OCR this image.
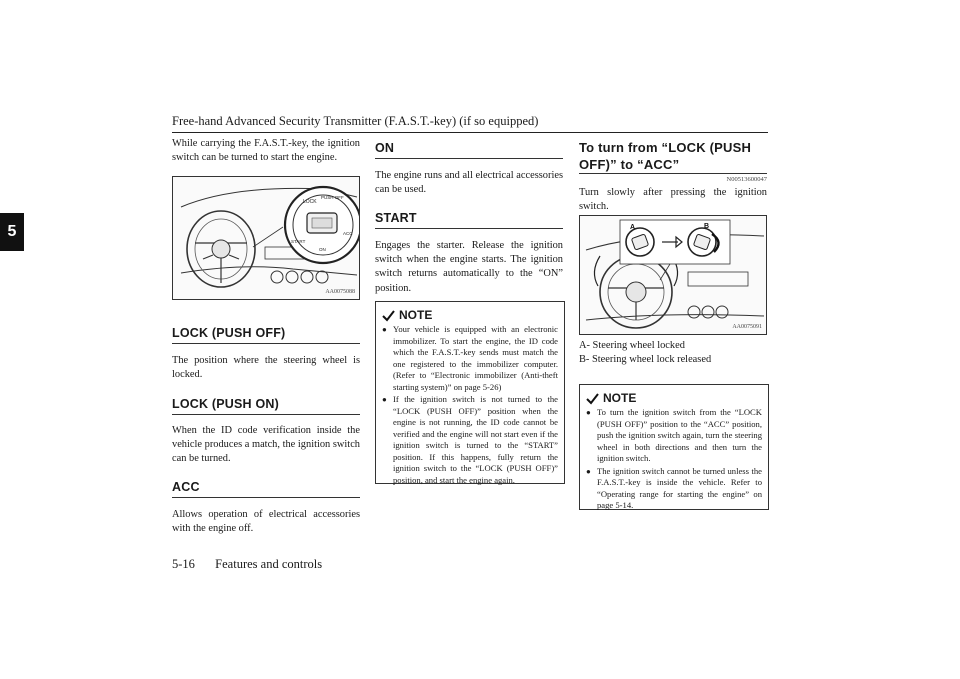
Free-hand Advanced Security Transmitter (F.A.S.T.-key) (if so equipped)
5
While carrying the F.A.S.T.-key, the ignition switch can be turned to start the engine.
LOCK
PUSH OFF
START
ON
ACC
AA0075088
LOCK (PUSH OFF)
The position where the steering wheel is locked.
LOCK (PUSH ON)
When the ID code verification inside the vehicle produces a match, the ignition switch can be turned.
ACC
Allows operation of electrical accessories with the engine off.
ON
The engine runs and all electrical accessories can be used.
START
Engages the starter. Release the ignition switch when the engine starts. The ignition switch returns automatically to the “ON” position.
NOTE
● Your vehicle is equipped with an electronic immobilizer. To start the engine, the ID code which the F.A.S.T.-key sends must match the one registered to the immobilizer computer. (Refer to “Electronic immobilizer (Anti-theft starting system)” on page 5-26)
● If the ignition switch is not turned to the “LOCK (PUSH OFF)” position when the engine is not running, the ID code cannot be verified and the engine will not start even if the ignition switch is turned to the “START” position. If this happens, fully return the ignition switch to the “LOCK (PUSH OFF)” position, and start the engine again.
To turn from “LOCK (PUSH
OFF)” to “ACC”
N00513600047
Turn slowly after pressing the ignition switch.
A	B
AA0075091
A- Steering wheel locked
B- Steering wheel lock released
NOTE
● To turn the ignition switch from the “LOCK (PUSH OFF)” position to the “ACC” position, push the ignition switch again, turn the steering wheel in both directions and then turn the ignition switch.
● The ignition switch cannot be turned unless the F.A.S.T.-key is inside the vehicle. Refer to “Operating range for starting the engine” on page 5-14.
5-16 Features and controls
